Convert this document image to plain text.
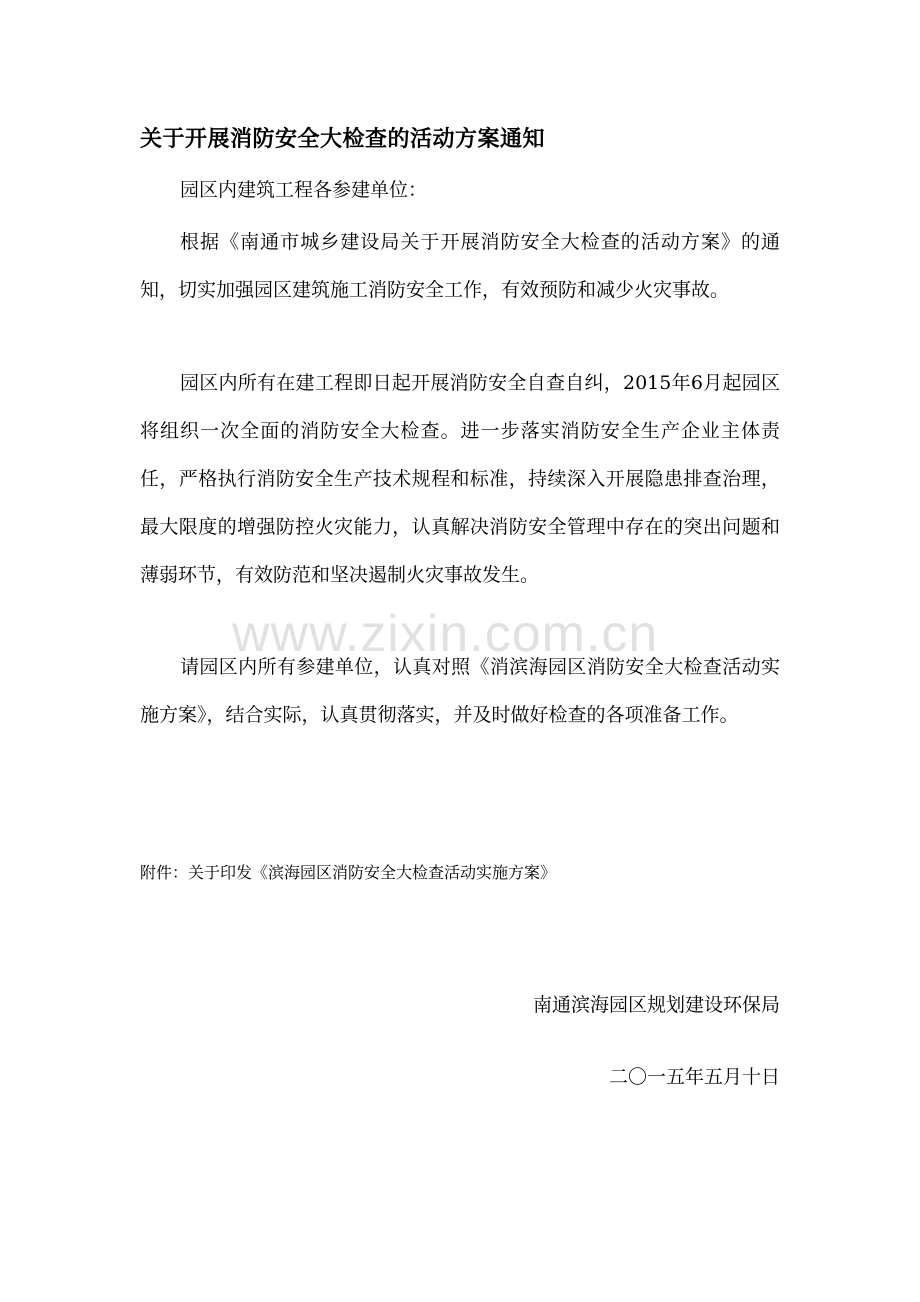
关于开展消防安全大检查的活动方案通知

园区内建筑工程各参建单位：

根据《南通市城乡建设局关于开展消防安全大检查的活动方案》的通知，切实加强园区建筑施工消防安全工作，有效预防和减少火灾事故。

园区内所有在建工程即日起开展消防安全自查自纠，2015年6月起园区将组织一次全面的消防安全大检查。进一步落实消防安全生产企业主体责任，严格执行消防安全生产技术规程和标准，持续深入开展隐患排查治理，最大限度的增强防控火灾能力，认真解决消防安全管理中存在的突出问题和薄弱环节，有效防范和坚决遏制火灾事故发生。

请园区内所有参建单位，认真对照《消滨海园区消防安全大检查活动实施方案》，结合实际，认真贯彻落实，并及时做好检查的各项准备工作。

附件：关于印发《滨海园区消防安全大检查活动实施方案》

南通滨海园区规划建设环保局

二〇一五年五月十日

www.zixin.com.cn
